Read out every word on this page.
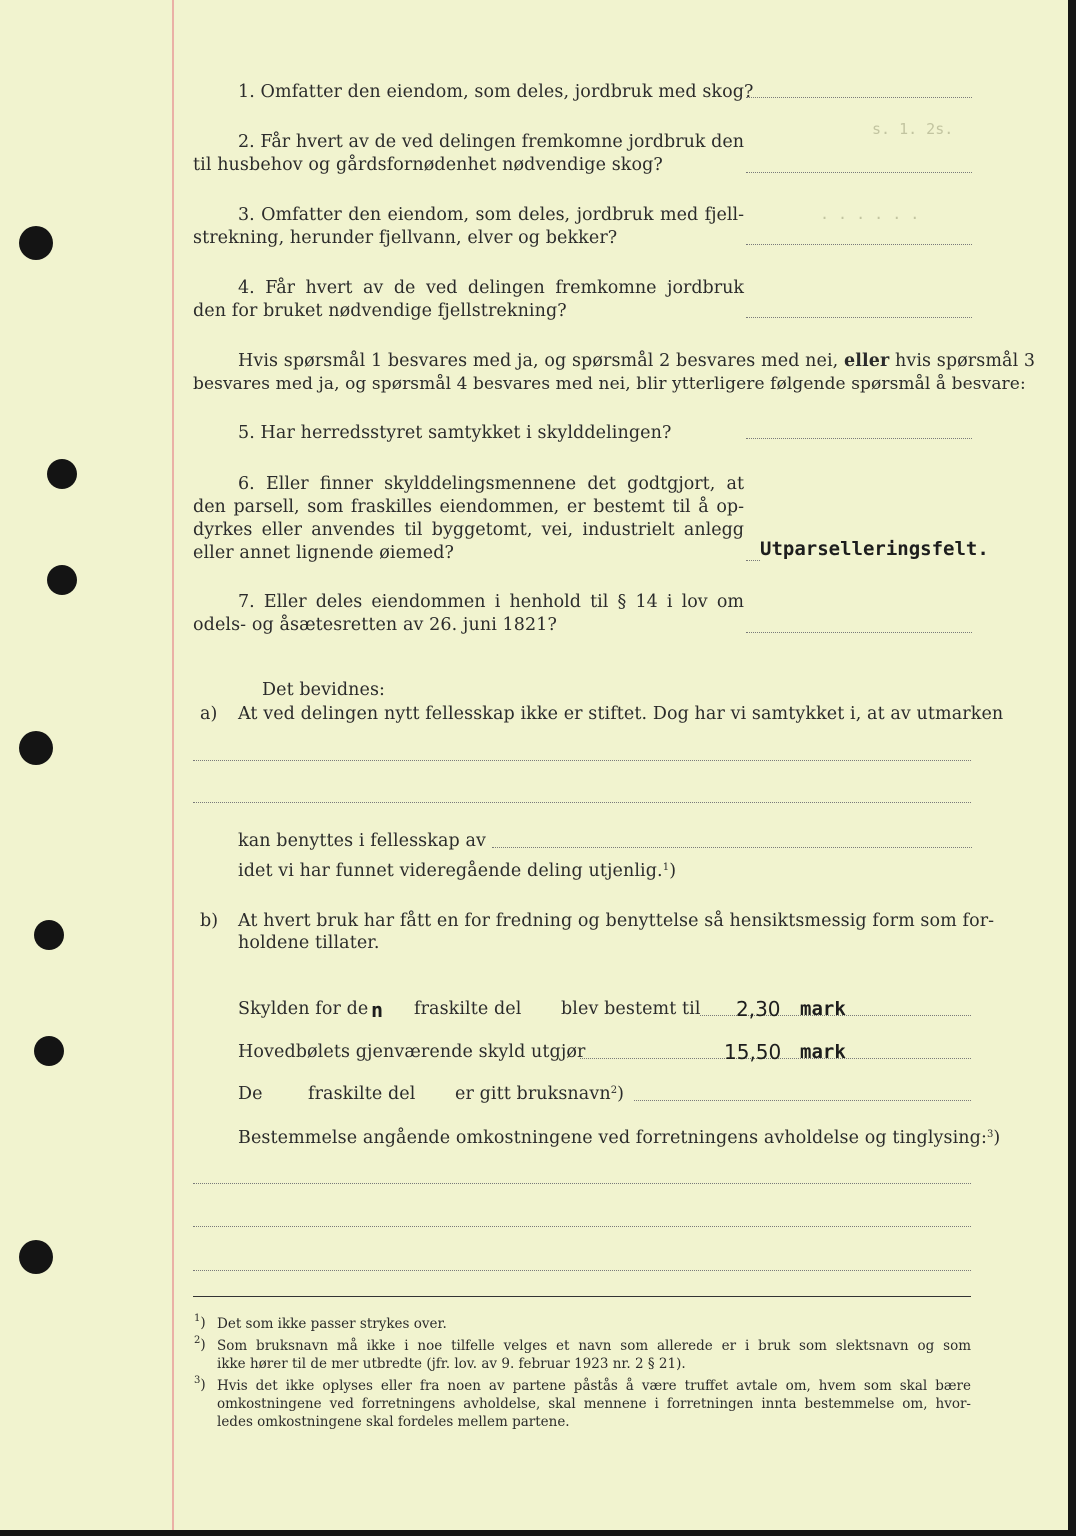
s. 1. 2s.
. . . . . .
1. Omfatter den eiendom, som deles, jordbruk med skog?
2. Får hvert av de ved delingen fremkomne jordbruk den
til husbehov og gårdsfornødenhet nødvendige skog?
3. Omfatter den eiendom, som deles, jordbruk med fjell-
strekning, herunder fjellvann, elver og bekker?
4. Får hvert av de ved delingen fremkomne jordbruk
den for bruket nødvendige fjellstrekning?
Hvis spørsmål 1 besvares med ja, og spørsmål 2 besvares med nei, eller hvis spørsmål 3
besvares med ja, og spørsmål 4 besvares med nei, blir ytterligere følgende spørsmål å besvare:
5. Har herredsstyret samtykket i skylddelingen?
6. Eller finner skylddelingsmennene det godtgjort, at
den parsell, som fraskilles eiendommen, er bestemt til å op-
dyrkes eller anvendes til byggetomt, vei, industrielt anlegg
eller annet lignende øiemed?	Utparselleringsfelt.
7. Eller deles eiendommen i henhold til § 14 i lov om
odels- og åsætesretten av 26. juni 1821?
Det bevidnes:
a) At ved delingen nytt fellesskap ikke er stiftet. Dog har vi samtykket i, at av utmarken
kan benyttes i fellesskap av
idet vi har funnet videregående deling utjenlig.$^1$)
b) At hvert bruk har fått en for fredning og benyttelse så hensiktsmessig form som for-
holdene tillater.
Skylden for de n fraskilte del blev bestemt til 2,30 mark
Hovedbølets gjenværende skyld utgjør	15,50 mark
De	fraskilte del er gitt bruksnavn$^2$)
Bestemmelse angående omkostningene ved forretningens avholdelse og tinglysing:$^3$)
$^1$) Det som ikke passer strykes over.
$^2$) Som bruksnavn må ikke i noe tilfelle velges et navn som allerede er i bruk som slektsnavn og som
ikke hører til de mer utbredte (jfr. lov. av 9. februar 1923 nr. 2 § 21).
$^3$) Hvis det ikke oplyses eller fra noen av partene påstås å være truffet avtale om, hvem som skal bære
omkostningene ved forretningens avholdelse, skal mennene i forretningen innta bestemmelse om, hvor-
ledes omkostningene skal fordeles mellem partene.
